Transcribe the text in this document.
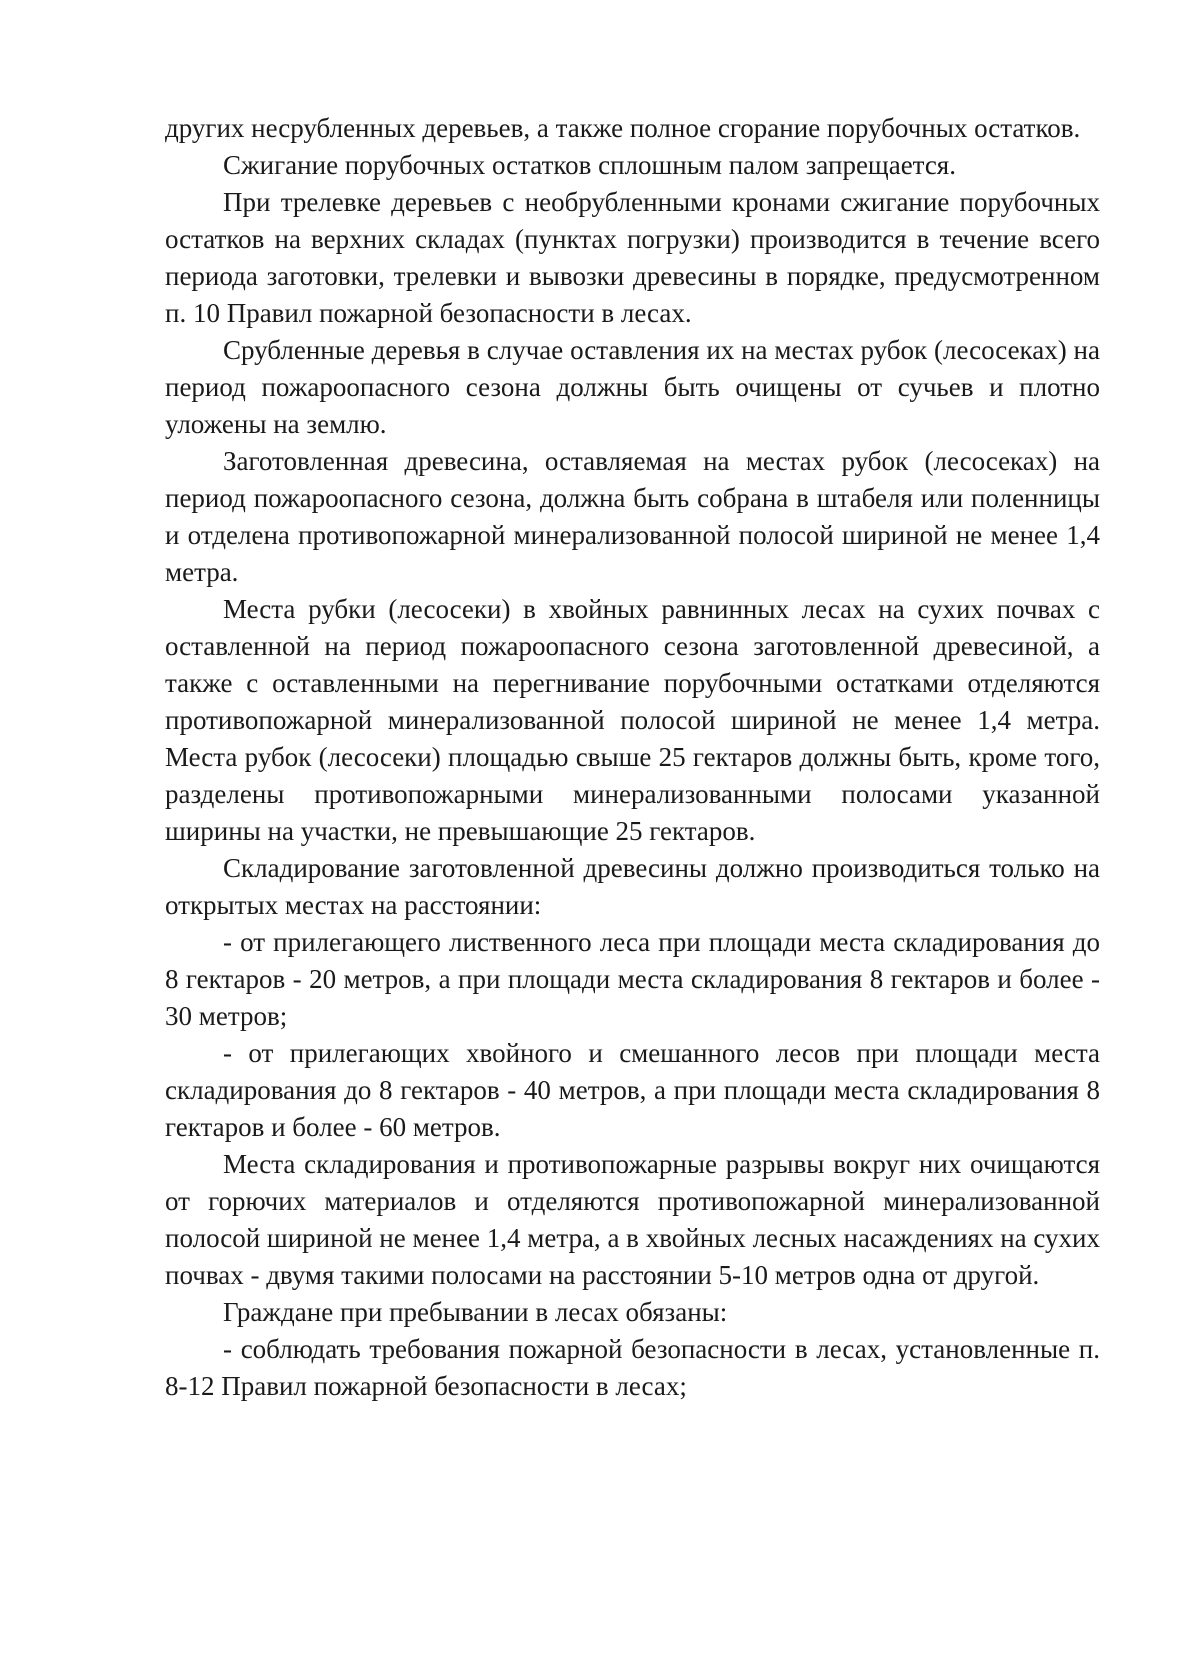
других несрубленных деревьев, а также полное сгорание порубочных остатков.

Сжигание порубочных остатков сплошным палом запрещается.

При трелевке деревьев с необрубленными кронами сжигание порубочных остатков на верхних складах (пунктах погрузки) производится в течение всего периода заготовки, трелевки и вывозки древесины в порядке, предусмотренном п. 10 Правил пожарной безопасности в лесах.

Срубленные деревья в случае оставления их на местах рубок (лесосеках) на период пожароопасного сезона должны быть очищены от сучьев и плотно уложены на землю.

Заготовленная древесина, оставляемая на местах рубок (лесосеках) на период пожароопасного сезона, должна быть собрана в штабеля или поленницы и отделена противопожарной минерализованной полосой шириной не менее 1,4 метра.

Места рубки (лесосеки) в хвойных равнинных лесах на сухих почвах с оставленной на период пожароопасного сезона заготовленной древесиной, а также с оставленными на перегнивание порубочными остатками отделяются противопожарной минерализованной полосой шириной не менее 1,4 метра. Места рубок (лесосеки) площадью свыше 25 гектаров должны быть, кроме того, разделены противопожарными минерализованными полосами указанной ширины на участки, не превышающие 25 гектаров.

Складирование заготовленной древесины должно производиться только на открытых местах на расстоянии:

- от прилегающего лиственного леса при площади места складирования до 8 гектаров - 20 метров, а при площади места складирования 8 гектаров и более - 30 метров;

- от прилегающих хвойного и смешанного лесов при площади места складирования до 8 гектаров - 40 метров, а при площади места складирования 8 гектаров и более - 60 метров.

Места складирования и противопожарные разрывы вокруг них очищаются от горючих материалов и отделяются противопожарной минерализованной полосой шириной не менее 1,4 метра, а в хвойных лесных насаждениях на сухих почвах - двумя такими полосами на расстоянии 5-10 метров одна от другой.

Граждане при пребывании в лесах обязаны:

- соблюдать требования пожарной безопасности в лесах, установленные п. 8-12 Правил пожарной безопасности в лесах;
